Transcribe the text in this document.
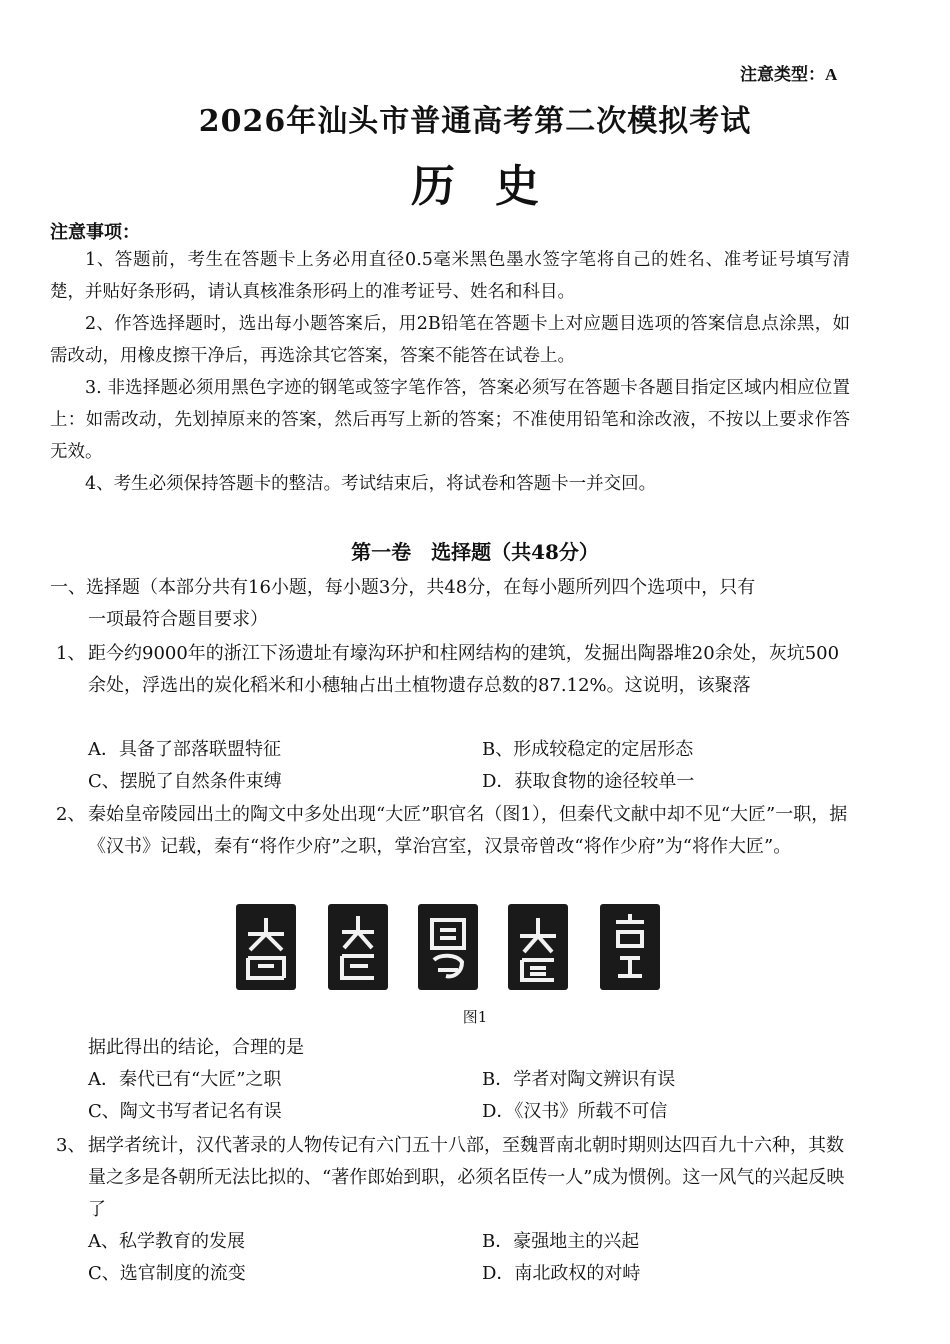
注意类型：A
2026年汕头市普通高考第二次模拟考试
历史
注意事项：
1、答题前，考生在答题卡上务必用直径0.5毫米黑色墨水签字笔将自己的姓名、准考证号填写清楚，并贴好条形码，请认真核准条形码上的准考证号、姓名和科目。
2、作答选择题时，选出每小题答案后，用2B铅笔在答题卡上对应题目选项的答案信息点涂黑，如需改动，用橡皮擦干净后，再选涂其它答案，答案不能答在试卷上。
3. 非选择题必须用黑色字迹的钢笔或签字笔作答，答案必须写在答题卡各题目指定区域内相应位置上：如需改动，先划掉原来的答案，然后再写上新的答案；不准使用铅笔和涂改液，不按以上要求作答无效。
4、考生必须保持答题卡的整洁。考试结束后，将试卷和答题卡一并交回。
第一卷　选择题（共48分）
一、选择题（本部分共有16小题，每小题3分，共48分，在每小题所列四个选项中，只有
一项最符合题目要求）
1、 距今约9000年的浙江下汤遗址有壕沟环护和柱网结构的建筑，发掘出陶器堆20余处，灰坑500余处，浮选出的炭化稻米和小穗轴占出土植物遗存总数的87.12%。这说明，该聚落
A．具备了部落联盟特征	B、形成较稳定的定居形态
C、摆脱了自然条件束缚	D．获取食物的途径较单一
2、 秦始皇帝陵园出土的陶文中多处出现“大匠”职官名（图1），但秦代文献中却不见“大匠”一职，据《汉书》记载，秦有“将作少府”之职，掌治宫室，汉景帝曾改“将作少府”为“将作大匠”。
图1
据此得出的结论，合理的是
A．秦代已有“大匠”之职	B．学者对陶文辨识有误
C、陶文书写者记名有误	D．《汉书》所载不可信
3、 据学者统计，汉代著录的人物传记有六门五十八部，至魏晋南北朝时期则达四百九十六种，其数量之多是各朝所无法比拟的、“著作郎始到职，必须名臣传一人”成为惯例。这一风气的兴起反映了
A、私学教育的发展	B．豪强地主的兴起
C、选官制度的流变	D．南北政权的对峙
